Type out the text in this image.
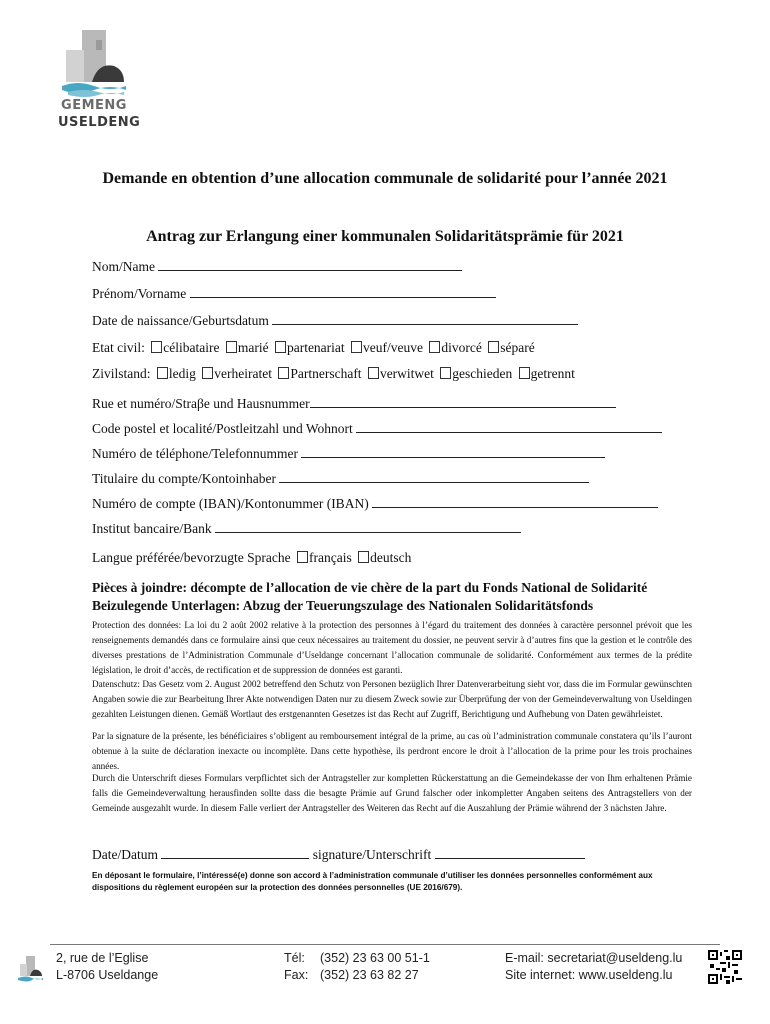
GEMENG
USELDENG
Demande en obtention d’une allocation communale de solidarité pour l’année 2021
Antrag zur Erlangung einer kommunalen Solidaritätsprämie für 2021
Nom/Name
Prénom/Vorname
Date de naissance/Geburtsdatum
Etat civil: célibataire marié partenariat veuf/veuve divorcé séparé
Zivilstand: ledig verheiratet Partnerschaft verwitwet geschieden getrennt
Rue et numéro/Straβe und Hausnummer
Code postel et localité/Postleitzahl und Wohnort
Numéro de téléphone/Telefonnummer
Titulaire du compte/Kontoinhaber
Numéro de compte (IBAN)/Kontonummer (IBAN)
Institut bancaire/Bank
Langue préférée/bevorzugte Sprache français deutsch
Pièces à joindre: décompte de l’allocation de vie chère de la part du Fonds National de Solidarité
Beizulegende Unterlagen: Abzug der Teuerungszulage des Nationalen Solidaritätsfonds
Protection des données: La loi du 2 août 2002 relative à la protection des personnes à l’égard du traitement des données à caractère personnel prévoit que les renseignements demandés dans ce formulaire ainsi que ceux nécessaires au traitement du dossier, ne peuvent servir à d’autres fins que la gestion et le contrôle des diverses prestations de l’Administration Communale d’Useldange concernant l’allocation communale de solidarité. Conformément aux termes de la prédite législation, le droit d’accès, de rectification et de suppression de données est garanti.
Datenschutz: Das Gesetz vom 2. August 2002 betreffend den Schutz von Personen bezüglich Ihrer Datenverarbeitung sieht vor, dass die im Formular gewünschten Angaben sowie die zur Bearbeitung Ihrer Akte notwendigen Daten nur zu diesem Zweck sowie zur Überprüfung der von der Gemeindeverwaltung von Useldingen gezahlten Leistungen dienen. Gemäß Wortlaut des erstgenannten Gesetzes ist das Recht auf Zugriff, Berichtigung und Aufhebung von Daten gewährleistet.
Par la signature de la présente, les bénéficiaires s’obligent au remboursement intégral de la prime, au cas où l’administration communale constatera qu’ils l’auront obtenue à la suite de déclaration inexacte ou incomplète. Dans cette hypothèse, ils perdront encore le droit à l’allocation de la prime pour les trois prochaines années.
Durch die Unterschrift dieses Formulars verpflichtet sich der Antragsteller zur kompletten Rückerstattung an die Gemeindekasse der von Ihm erhaltenen Prämie falls die Gemeindeverwaltung herausfinden sollte dass die besagte Prämie auf Grund falscher oder inkompletter Angaben seitens des Antragstellers von der Gemeinde ausgezahlt wurde. In diesem Falle verliert der Antragsteller des Weiteren das Recht auf die Auszahlung der Prämie während der 3 nächsten Jahre.
Date/Datum	signature/Unterschrift
En déposant le formulaire, l’intéressé(e) donne son accord à l’administration communale d’utiliser les données personnelles conformément aux dispositions du règlement européen sur la protection des données personnelles (UE 2016/679).
2, rue de l’Eglise
L-8706 Useldange
Tél: (352) 23 63 00 51-1
Fax: (352) 23 63 82 27
E-mail: secretariat@useldeng.lu
Site internet: www.useldeng.lu
